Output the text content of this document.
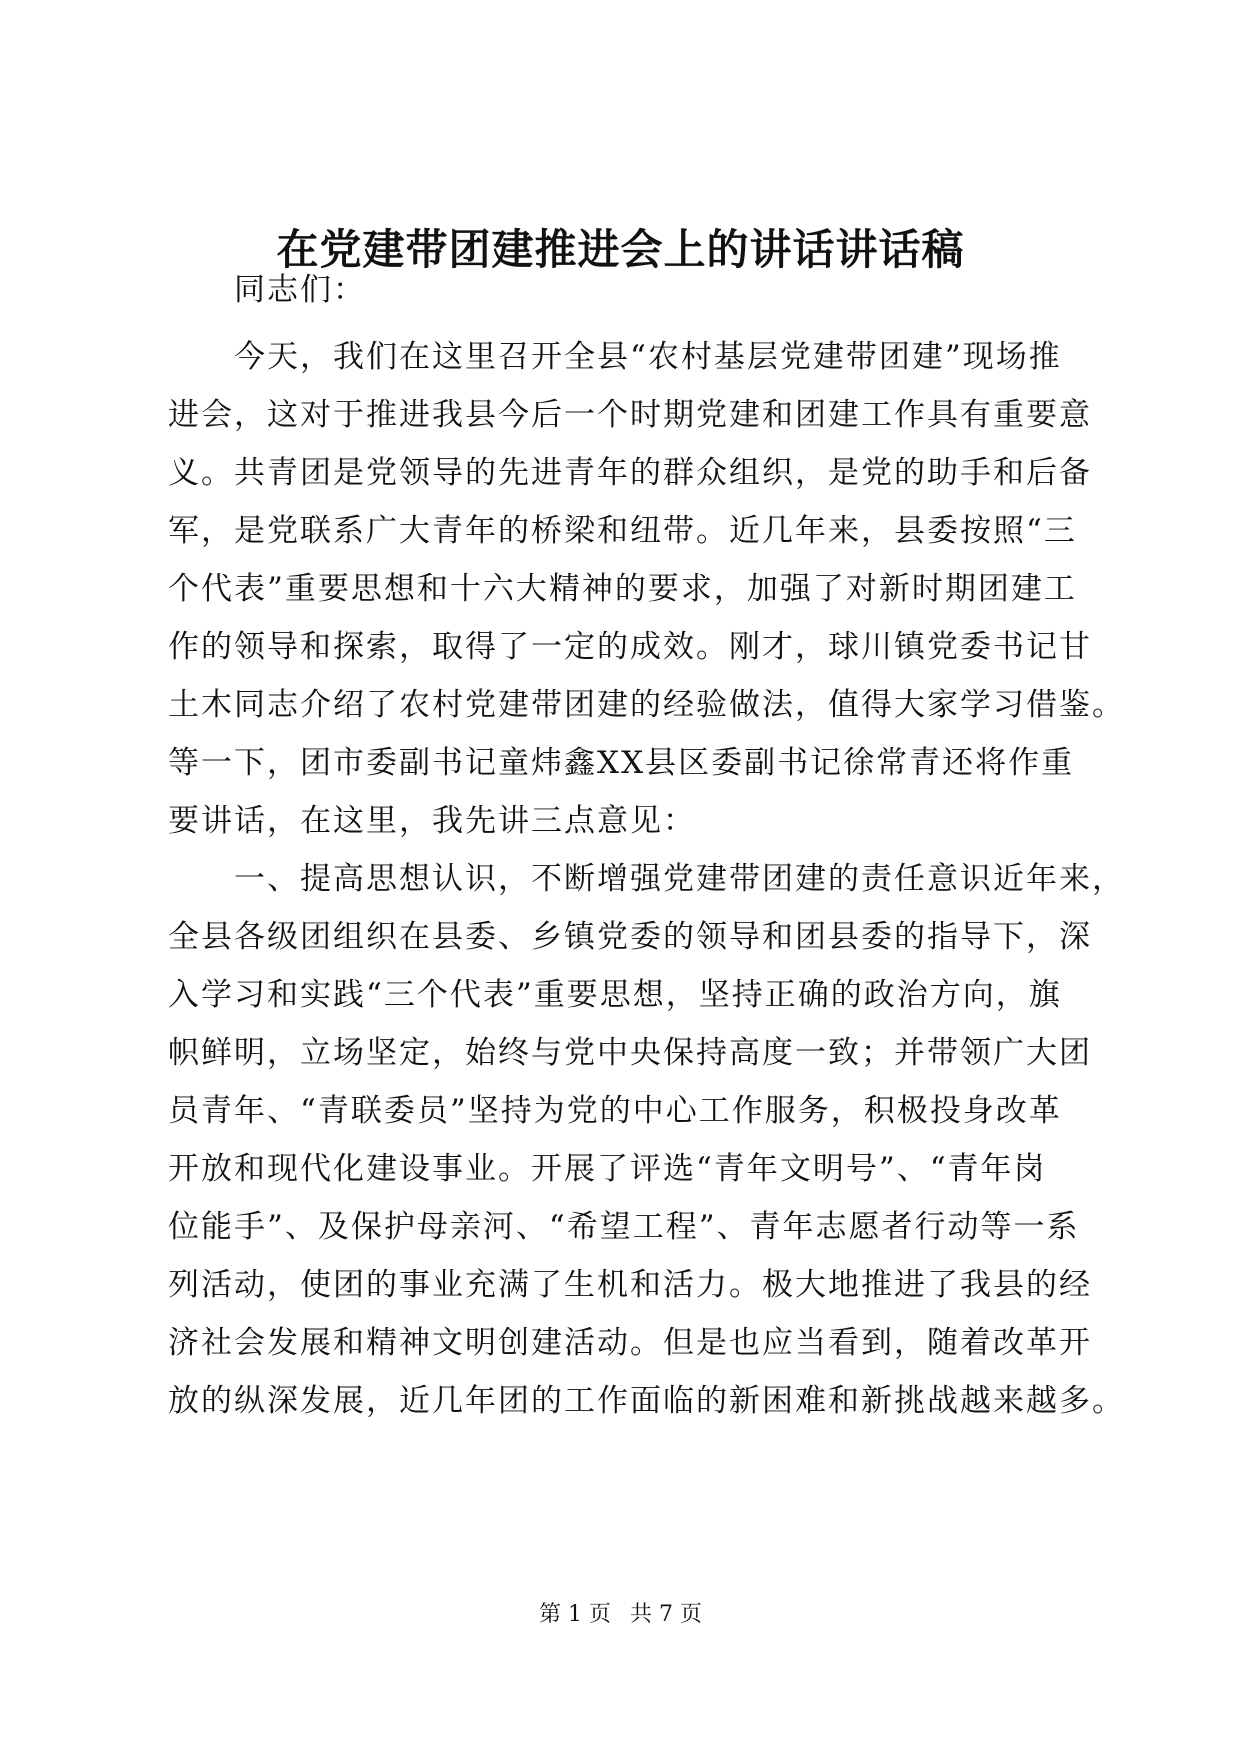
在党建带团建推进会上的讲话讲话稿
　　同志们：
　　今天，我们在这里召开全县“农村基层党建带团建”现场推
进会，这对于推进我县今后一个时期党建和团建工作具有重要意
义。共青团是党领导的先进青年的群众组织，是党的助手和后备
军，是党联系广大青年的桥梁和纽带。近几年来，县委按照“三
个代表”重要思想和十六大精神的要求，加强了对新时期团建工
作的领导和探索，取得了一定的成效。刚才，球川镇党委书记甘
土木同志介绍了农村党建带团建的经验做法，值得大家学习借鉴。
等一下，团市委副书记童炜鑫XX县区委副书记徐常青还将作重
要讲话，在这里，我先讲三点意见：
　　一、提高思想认识，不断增强党建带团建的责任意识近年来，
全县各级团组织在县委、乡镇党委的领导和团县委的指导下，深
入学习和实践“三个代表”重要思想，坚持正确的政治方向，旗
帜鲜明，立场坚定，始终与党中央保持高度一致；并带领广大团
员青年、“青联委员”坚持为党的中心工作服务，积极投身改革
开放和现代化建设事业。开展了评选“青年文明号”、“青年岗
位能手”、及保护母亲河、“希望工程”、青年志愿者行动等一系
列活动，使团的事业充满了生机和活力。极大地推进了我县的经
济社会发展和精神文明创建活动。但是也应当看到，随着改革开
放的纵深发展，近几年团的工作面临的新困难和新挑战越来越多。
第 1 页 共 7 页
